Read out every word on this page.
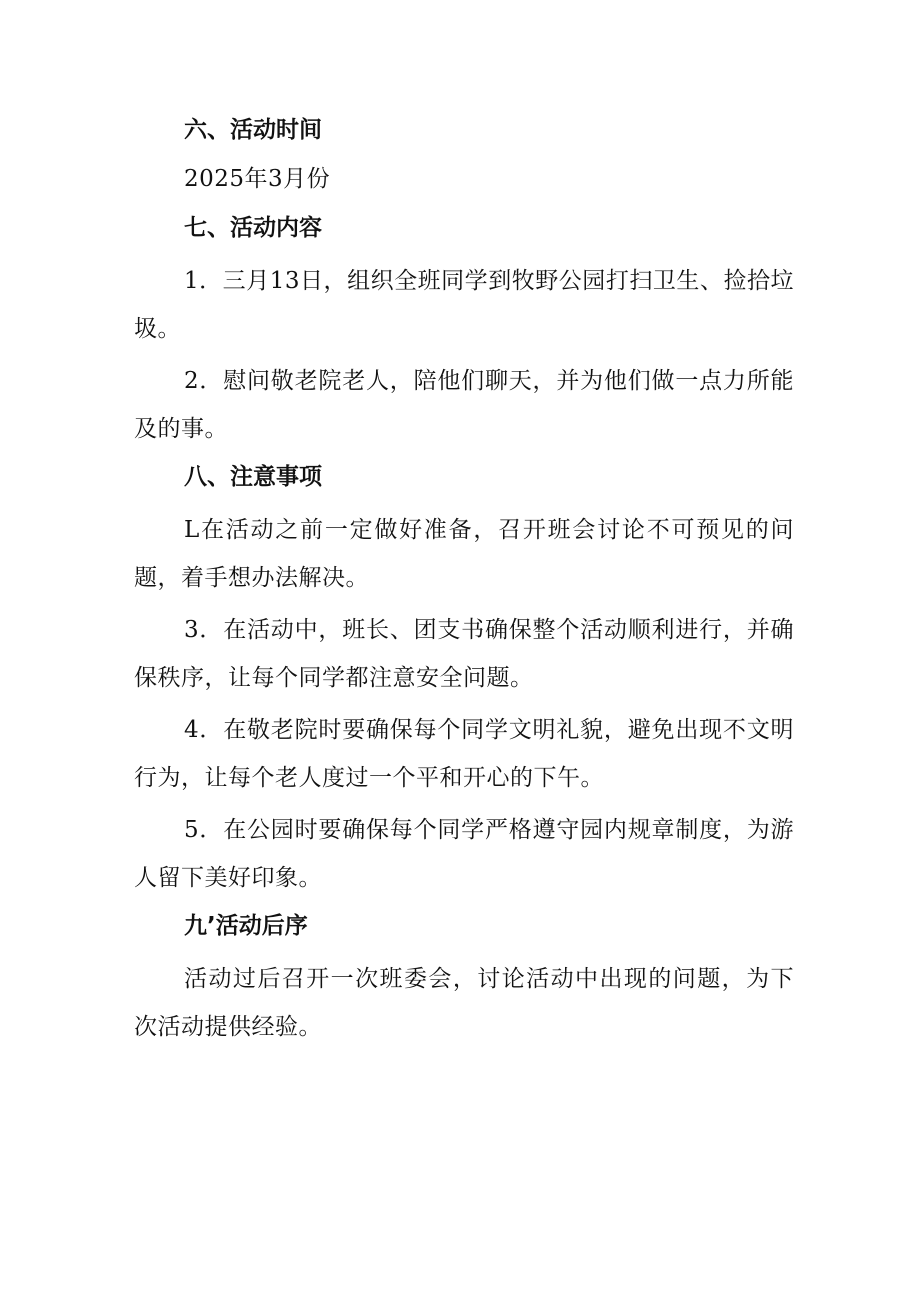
六、活动时间

2025年3月份

七、活动内容

1．三月13日，组织全班同学到牧野公园打扫卫生、捡拾垃圾。

2．慰问敬老院老人，陪他们聊天，并为他们做一点力所能及的事。

八、注意事项

L在活动之前一定做好准备，召开班会讨论不可预见的问题，着手想办法解决。

3．在活动中，班长、团支书确保整个活动顺利进行，并确保秩序，让每个同学都注意安全问题。

4．在敬老院时要确保每个同学文明礼貌，避免出现不文明行为，让每个老人度过一个平和开心的下午。

5．在公园时要确保每个同学严格遵守园内规章制度，为游人留下美好印象。

九’活动后序

活动过后召开一次班委会，讨论活动中出现的问题，为下次活动提供经验。
